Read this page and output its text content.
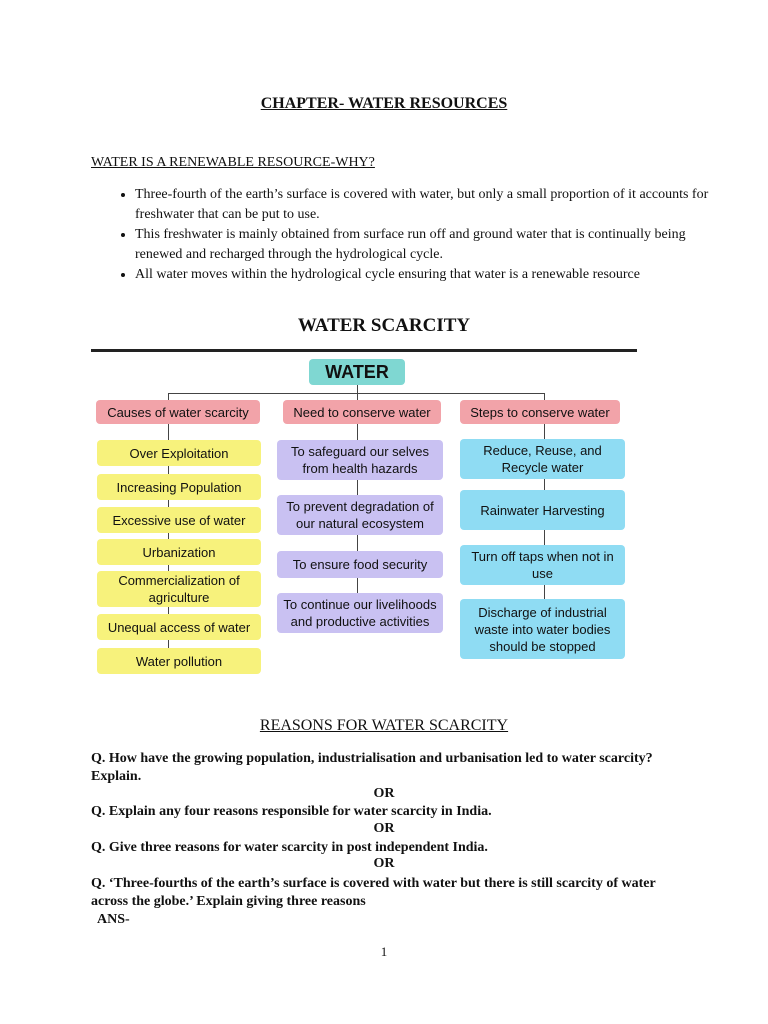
CHAPTER- WATER RESOURCES
WATER IS A RENEWABLE RESOURCE-WHY?
• Three-fourth of the earth’s surface is covered with water, but only a small proportion of it accounts for freshwater that can be put to use.
• This freshwater is mainly obtained from surface run off and ground water that is continually being renewed and recharged through the hydrological cycle.
• All water moves within the hydrological cycle ensuring that water is a renewable resource
WATER SCARCITY
WATER
Causes of water scarcity	Need to conserve water	Steps to conserve water
Over Exploitation
Increasing Population
Excessive use of water
Urbanization
Commercialization of agriculture
Unequal access of water
Water pollution
To safeguard our selves from health hazards
To prevent degradation of our natural ecosystem
To ensure food security
To continue our livelihoods and productive activities
Reduce, Reuse, and Recycle water
Rainwater Harvesting
Turn off taps when not in use
Discharge of industrial waste into water bodies should be stopped
REASONS FOR WATER SCARCITY
Q. How have the growing population, industrialisation and urbanisation led to water scarcity? Explain.
OR
Q. Explain any four reasons responsible for water scarcity in India.
OR
Q. Give three reasons for water scarcity in post independent India.
OR
Q. ‘Three-fourths of the earth’s surface is covered with water but there is still scarcity of water across the globe.’ Explain giving three reasons
ANS-
1
